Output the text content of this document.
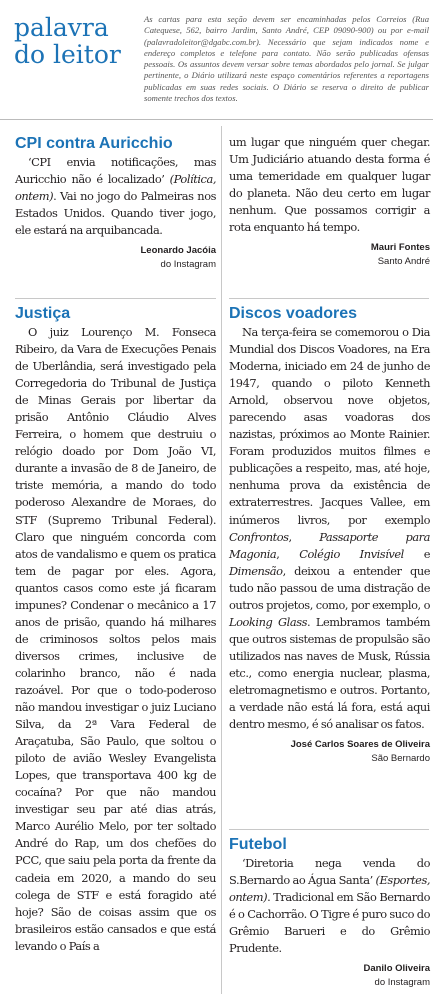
palavra do leitor
As cartas para esta seção devem ser encaminhadas pelos Correios (Rua Catequese, 562, bairro Jardim, Santo André, CEP 09090-900) ou por e-mail (palavradoleitor@dgabc.com.br). Necessário que sejam indicados nome e endereço completos e telefone para contato. Não serão publicadas ofensas pessoais. Os assuntos devem versar sobre temas abordados pelo jornal. Se julgar pertinente, o Diário utilizará neste espaço comentários referentes a reportagens publicadas em suas redes sociais. O Diário se reserva o direito de publicar somente trechos dos textos.
CPI contra Auricchio

‘CPI envia notificações, mas Auricchio não é localizado’ (Política, ontem). Vai no jogo do Palmeiras nos Estados Unidos. Quando tiver jogo, ele estará na arquibancada.

Leonardo Jacóia
do Instagram
Justiça

O juiz Lourenço M. Fonseca Ribeiro, da Vara de Execuções Penais de Uberlândia, será investigado pela Corregedoria do Tribunal de Justiça de Minas Gerais por libertar da prisão Antônio Cláudio Alves Ferreira, o homem que destruiu o relógio doado por Dom João VI, durante a invasão de 8 de Janeiro, de triste memória, a mando do todo poderoso Alexandre de Moraes, do STF (Supremo Tribunal Federal). Claro que ninguém concorda com atos de vandalismo e quem os pratica tem de pagar por eles. Agora, quantos casos como este já ficaram impunes? Condenar o mecânico a 17 anos de prisão, quando há milhares de criminosos soltos pelos mais diversos crimes, inclusive de colarinho branco, não é nada razoável. Por que o todo-poderoso não mandou investigar o juiz Luciano Silva, da 2ª Vara Federal de Araçatuba, São Paulo, que soltou o piloto de avião Wesley Evangelista Lopes, que transportava 400 kg de cocaína? Por que não mandou investigar seu par até dias atrás, Marco Aurélio Melo, por ter soltado André do Rap, um dos chefões do PCC, que saiu pela porta da frente da cadeia em 2020, a mando do seu colega de STF e está foragido até hoje? São de coisas assim que os brasileiros estão cansados e que está levando o País a

um lugar que ninguém quer chegar. Um Judiciário atuando desta forma é uma temeridade em qualquer lugar do planeta. Não deu certo em lugar nenhum. Que possamos corrigir a rota enquanto há tempo.

Mauri Fontes
Santo André
Discos voadores

Na terça-feira se comemorou o Dia Mundial dos Discos Voadores, na Era Moderna, iniciado em 24 de junho de 1947, quando o piloto Kenneth Arnold, observou nove objetos, parecendo asas voadoras dos nazistas, próximos ao Monte Rainier. Foram produzidos muitos filmes e publicações a respeito, mas, até hoje, nenhuma prova da existência de extraterrestres. Jacques Vallee, em inúmeros livros, por exemplo Confrontos, Passaporte para Magonia, Colégio Invisível e Dimensão, deixou a entender que tudo não passou de uma distração de outros projetos, como, por exemplo, o Looking Glass. Lembramos também que outros sistemas de propulsão são utilizados nas naves de Musk, Rússia etc., como energia nuclear, plasma, eletromagnetismo e outros. Portanto, a verdade não está lá fora, está aqui dentro mesmo, é só analisar os fatos.

José Carlos Soares de Oliveira
São Bernardo
Futebol

‘Diretoria nega venda do S.Bernardo ao Água Santa’ (Esportes, ontem). Tradicional em São Bernardo é o Cachorrão. O Tigre é puro suco do Grêmio Barueri e do Grêmio Prudente.

Danilo Oliveira
do Instagram
